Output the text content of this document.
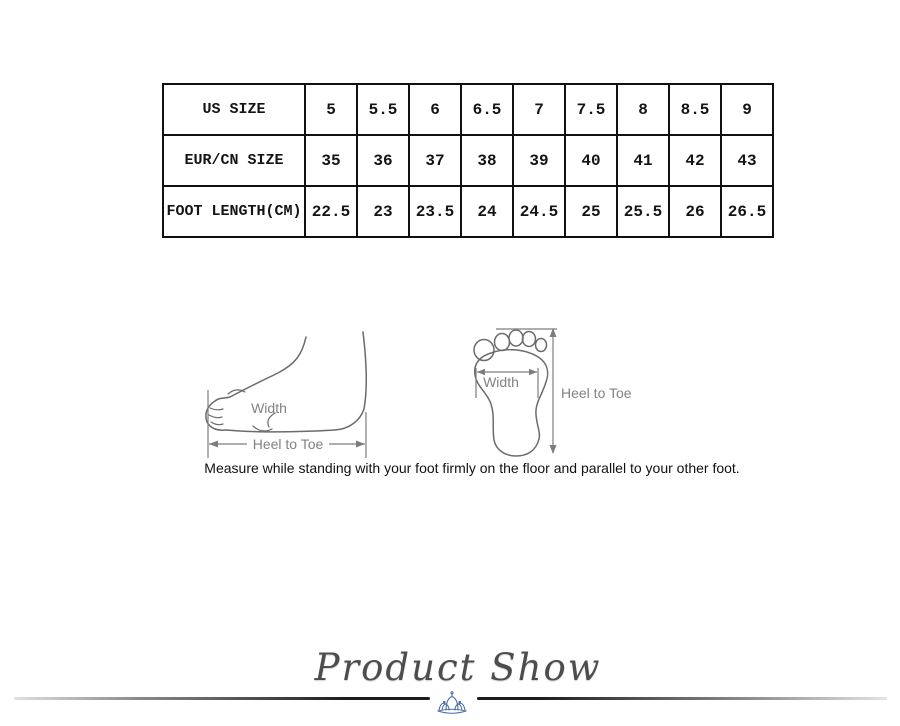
US SIZE	5	5.5	6	6.5	7	7.5	8	8.5	9
EUR/CN SIZE	35	36	37	38	39	40	41	42	43
FOOT LENGTH(CM)	22.5	23	23.5	24	24.5	25	25.5	26	26.5
Width
Heel to Toe
Width
Heel to Toe
Measure while standing with your foot firmly on the floor and parallel to your other foot.
Product Show
